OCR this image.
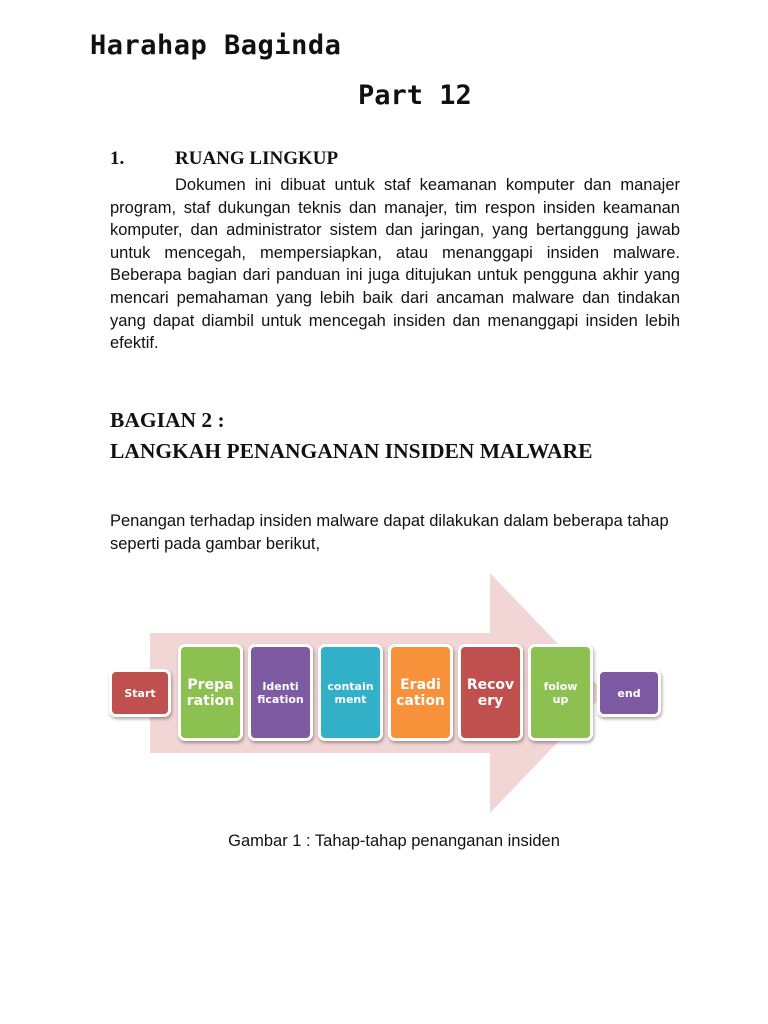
Harahap Baginda
Part 12
1.	RUANG LINGKUP

Dokumen ini dibuat untuk staf keamanan komputer dan manajer program, staf dukungan teknis dan manajer, tim respon insiden keamanan komputer, dan administrator sistem dan jaringan, yang bertanggung jawab untuk mencegah, mempersiapkan, atau menanggapi insiden malware. Beberapa bagian dari panduan ini juga ditujukan untuk pengguna akhir yang mencari pemahaman yang lebih baik dari ancaman malware dan tindakan yang dapat diambil untuk mencegah insiden dan menanggapi insiden lebih efektif.

BAGIAN 2 :
LANGKAH PENANGANAN INSIDEN MALWARE

Penangan terhadap insiden malware dapat dilakukan dalam beberapa tahap seperti pada gambar berikut,

Start
Prepa
ration
Identi
fication
contain
ment
Eradi
cation
Recov
ery
folow
up	end

Gambar 1 : Tahap-tahap penanganan insiden
